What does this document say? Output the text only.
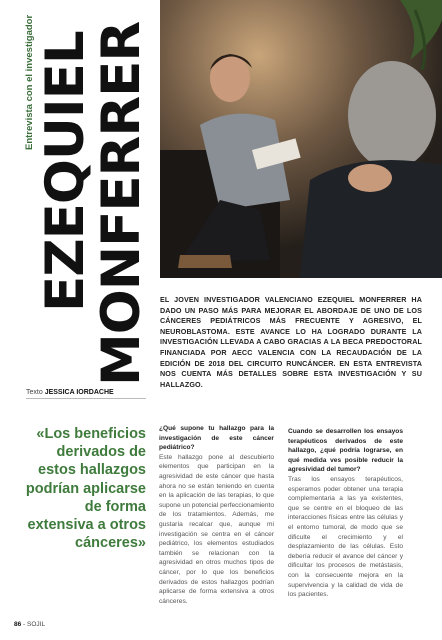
Entrevista con el investigador EZEQUIEL
MONFERRER EL JOVEN INVESTIGADOR VALENCIANO EZEQUIEL MONFERRER HA DADO UN PASO MÁS PARA MEJORAR EL ABORDAJE DE UNO DE LOS CÁNCERES PEDIÁTRICOS MÁS FRECUENTE Y AGRESIVO, EL NEUROBLASTOMA. ESTE AVANCE LO HA LOGRADO DURANTE LA INVESTIGACIÓN LLEVADA A CABO GRACIAS A LA BECA PREDOCTORAL FINANCIADA POR AECC VALENCIA CON LA RECAUDACIÓN DE LA EDICIÓN DE 2018 DEL CIRCUITO RUNCÁNCER. EN ESTA ENTREVISTA NOS CUENTA MÁS DETALLES SOBRE ESTA INVESTIGACIÓN Y SU HALLAZGO.
Texto JESSICA IORDACHE
«Los beneficios derivados de estos hallazgos podrían aplicarse de forma extensiva a otros cánceres»

¿Qué supone tu hallazgo para la investigación de este cáncer pediátrico?

Este hallazgo pone al descubierto elementos que participan en la agresividad de este cáncer que hasta ahora no se están teniendo en cuenta en la aplicación de las terapias, lo que supone un potencial perfeccionamiento de los tratamientos. Además, me gustaría recalcar que, aunque mi investigación se centra en el cáncer pediátrico, los elementos estudiados también se relacionan con la agresividad en otros muchos tipos de cáncer, por lo que los beneficios derivados de estos hallazgos podrían aplicarse de forma extensiva a otros cánceres.

Cuando se desarrollen los ensayos terapéuticos derivados de este hallazgo, ¿qué podría lograrse, en qué medida ves posible reducir la agresividad del tumor?

Tras los ensayos terapéuticos, esperamos poder obtener una terapia complementaria a las ya existentes, que se centre en el bloqueo de las interacciones físicas entre las células y el entorno tumoral, de modo que se dificulte el crecimiento y el desplazamiento de las células. Esto debería reducir el avance del cáncer y dificultar los procesos de metástasis, con la consecuente mejora en la supervivencia y la calidad de vida de los pacientes.

86 - SOJIL
